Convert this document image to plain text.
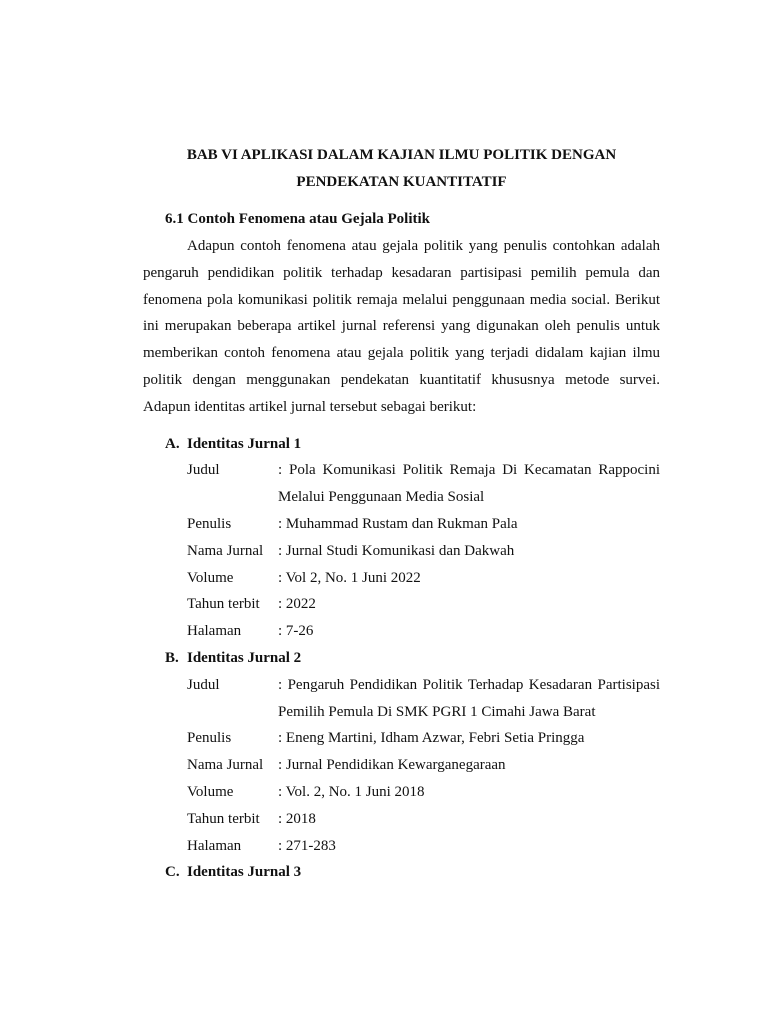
BAB VI APLIKASI DALAM KAJIAN ILMU POLITIK DENGAN
PENDEKATAN KUANTITATIF

6.1 Contoh Fenomena atau Gejala Politik

Adapun contoh fenomena atau gejala politik yang penulis contohkan adalah pengaruh pendidikan politik terhadap kesadaran partisipasi pemilih pemula dan fenomena pola komunikasi politik remaja melalui penggunaan media social. Berikut ini merupakan beberapa artikel jurnal referensi yang digunakan oleh penulis untuk memberikan contoh fenomena atau gejala politik yang terjadi didalam kajian ilmu politik dengan menggunakan pendekatan kuantitatif khususnya metode survei. Adapun identitas artikel jurnal tersebut sebagai berikut:

A. Identitas Jurnal 1
Judul	: Pola Komunikasi Politik Remaja Di Kecamatan Rappocini Melalui Penggunaan Media Sosial
Penulis	: Muhammad Rustam dan Rukman Pala
Nama Jurnal : Jurnal Studi Komunikasi dan Dakwah
Volume	: Vol 2, No. 1 Juni 2022
Tahun terbit	: 2022
Halaman	: 7-26
B. Identitas Jurnal 2
Judul	: Pengaruh Pendidikan Politik Terhadap Kesadaran Partisipasi Pemilih Pemula Di SMK PGRI 1 Cimahi Jawa Barat
Penulis	: Eneng Martini, Idham Azwar, Febri Setia Pringga
Nama Jurnal : Jurnal Pendidikan Kewarganegaraan
Volume	: Vol. 2, No. 1 Juni 2018
Tahun terbit	: 2018
Halaman	: 271-283
C. Identitas Jurnal 3
